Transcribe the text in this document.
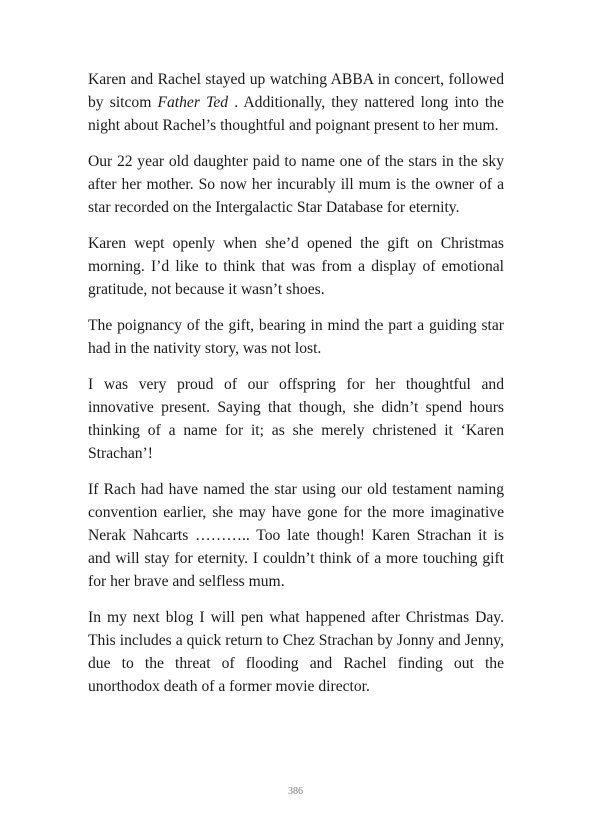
Karen and Rachel stayed up watching ABBA in concert, followed by sitcom Father Ted . Additionally, they nattered long into the night about Rachel’s thoughtful and poignant present to her mum.

Our 22 year old daughter paid to name one of the stars in the sky after her mother. So now her incurably ill mum is the owner of a star recorded on the Intergalactic Star Database for eternity.

Karen wept openly when she’d opened the gift on Christmas morning. I’d like to think that was from a display of emotional gratitude, not because it wasn’t shoes.

The poignancy of the gift, bearing in mind the part a guiding star had in the nativity story, was not lost.

I was very proud of our offspring for her thoughtful and innovative present. Saying that though, she didn’t spend hours thinking of a name for it; as she merely christened it ‘Karen Strachan’!

If Rach had have named the star using our old testament naming convention earlier, she may have gone for the more imaginative Nerak Nahcarts ……….. Too late though! Karen Strachan it is and will stay for eternity. I couldn’t think of a more touching gift for her brave and selfless mum.

In my next blog I will pen what happened after Christmas Day. This includes a quick return to Chez Strachan by Jonny and Jenny, due to the threat of flooding and Rachel finding out the unorthodox death of a former movie director.

386
